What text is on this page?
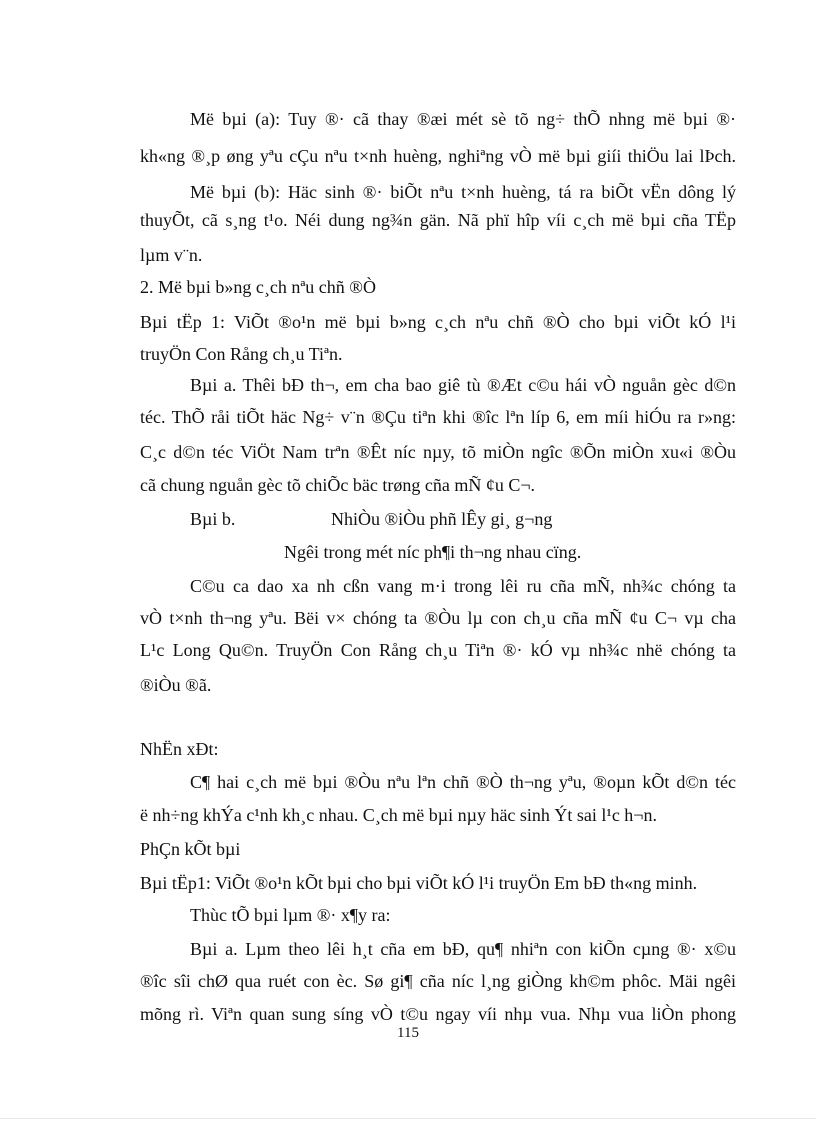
Më bµi (a): Tuy ®· cã thay ®æi mét sè tõ ng÷ thÕ nhng më bµi ®·

kh«ng ®¸p øng yªu cÇu nªu t×nh huèng, nghiªng vÒ më bµi giíi thiÖu lai lÞch.

Më bµi (b): Häc sinh ®· biÕt nªu t×nh huèng, tá ra biÕt vËn dông lý

thuyÕt, cã s¸ng t¹o. Néi dung ng¾n gän. Nã phï hîp víi c¸ch më bµi cña TËp

lµm v¨n.

2. Më bµi b»ng c¸ch nªu chñ ®Ò

Bµi tËp 1: ViÕt ®o¹n më bµi b»ng c¸ch nªu chñ ®Ò cho bµi viÕt kÓ l¹i

truyÖn Con Rång ch¸u Tiªn.

Bµi a. Thêi bÐ th¬, em cha bao giê tù ®Æt c©u hái vÒ nguån gèc d©n

téc. ThÕ råi tiÕt häc Ng÷ v¨n ®Çu tiªn khi ®îc lªn líp 6, em míi hiÓu ra r»ng:

C¸c d©n téc ViÖt Nam trªn ®Êt níc nµy, tõ miÒn ngîc ®Õn miÒn xu«i ®Òu

cã chung nguån gèc tõ chiÕc bäc trøng cña mÑ ¢u C¬.

Bµi b.	NhiÒu ®iÒu phñ lÊy gi¸ g¬ng

Ngêi trong mét níc ph¶i th¬ng nhau cïng.

C©u ca dao xa nh cßn vang m·i trong lêi ru cña mÑ, nh¾c chóng ta

vÒ t×nh th¬ng yªu. Bëi v× chóng ta ®Òu lµ con ch¸u cña mÑ ¢u C¬ vµ cha

L¹c Long Qu©n. TruyÖn Con Rång ch¸u Tiªn ®· kÓ vµ nh¾c nhë chóng ta

®iÒu ®ã.

NhËn xÐt:

C¶ hai c¸ch më bµi ®Òu nªu lªn chñ ®Ò th¬ng yªu, ®oµn kÕt d©n téc

ë nh÷ng khÝa c¹nh kh¸c nhau. C¸ch më bµi nµy häc sinh Ýt sai l¹c h¬n.

PhÇn kÕt bµi

Bµi tËp1: ViÕt ®o¹n kÕt bµi cho bµi viÕt kÓ l¹i truyÖn Em bÐ th«ng minh.

Thùc tÕ bµi lµm ®· x¶y ra:

Bµi a. Lµm theo lêi h¸t cña em bÐ, qu¶ nhiªn con kiÕn cµng ®· x©u

®îc sîi chØ qua ruét con èc. Sø gi¶ cña níc l¸ng giÒng kh©m phôc. Mäi ngêi

mõng rì. Viªn quan sung síng vÒ t©u ngay víi nhµ vua. Nhµ vua liÒn phong

115
